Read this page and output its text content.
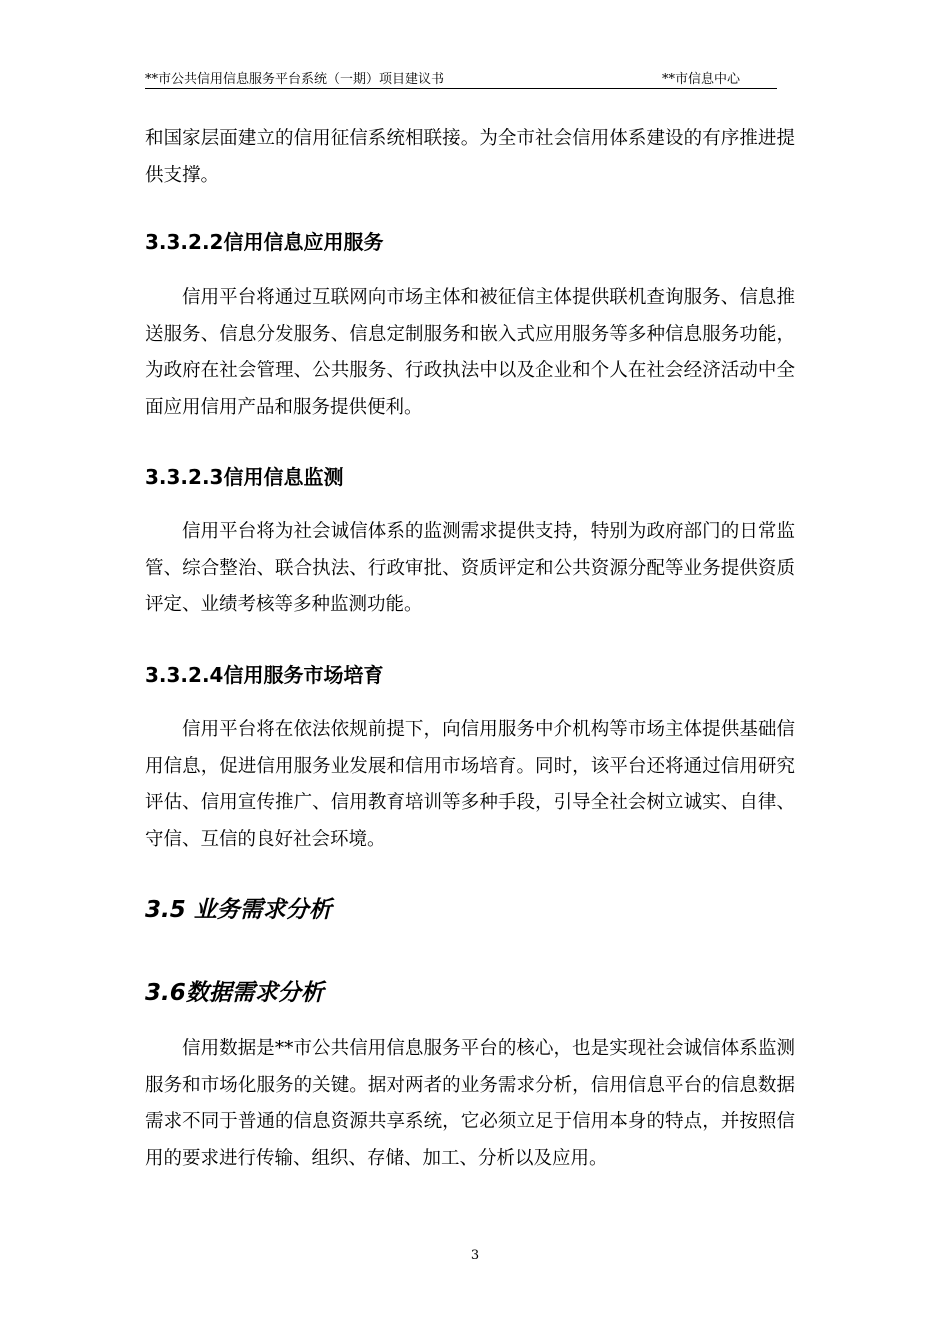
**市公共信用信息服务平台系统（一期）项目建议书	**市信息中心

和国家层面建立的信用征信系统相联接。为全市社会信用体系建设的有序推进提供支撑。

3.3.2.2信用信息应用服务

信用平台将通过互联网向市场主体和被征信主体提供联机查询服务、信息推送服务、信息分发服务、信息定制服务和嵌入式应用服务等多种信息服务功能，为政府在社会管理、公共服务、行政执法中以及企业和个人在社会经济活动中全面应用信用产品和服务提供便利。

3.3.2.3信用信息监测

信用平台将为社会诚信体系的监测需求提供支持，特别为政府部门的日常监管、综合整治、联合执法、行政审批、资质评定和公共资源分配等业务提供资质评定、业绩考核等多种监测功能。

3.3.2.4信用服务市场培育

信用平台将在依法依规前提下，向信用服务中介机构等市场主体提供基础信用信息，促进信用服务业发展和信用市场培育。同时，该平台还将通过信用研究评估、信用宣传推广、信用教育培训等多种手段，引导全社会树立诚实、自律、守信、互信的良好社会环境。

3.5 业务需求分析
3.6数据需求分析

信用数据是**市公共信用信息服务平台的核心，也是实现社会诚信体系监测服务和市场化服务的关键。据对两者的业务需求分析，信用信息平台的信息数据需求不同于普通的信息资源共享系统，它必须立足于信用本身的特点，并按照信用的要求进行传输、组织、存储、加工、分析以及应用。

3
